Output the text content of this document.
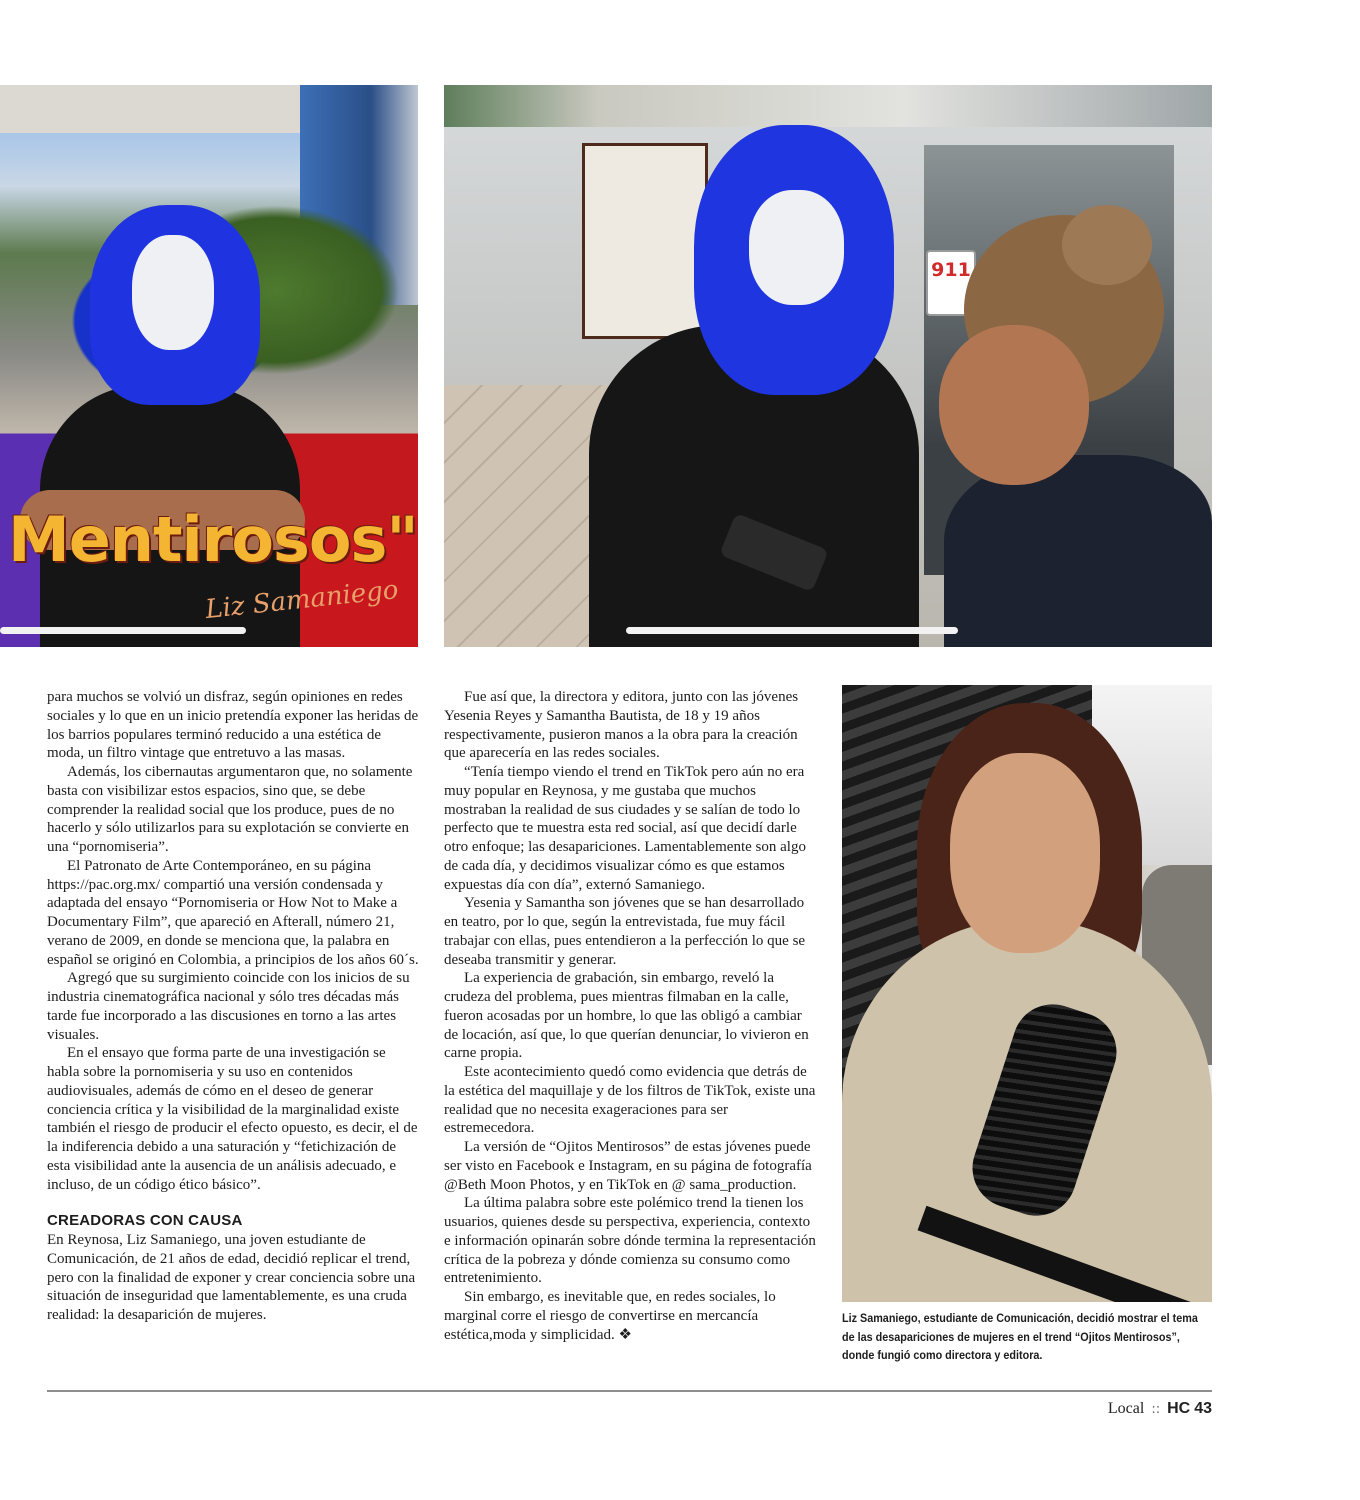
Mentirosos"
Liz Samaniego
911

para muchos se volvió un disfraz, según opiniones en redes sociales y lo que en un inicio pretendía exponer las heridas de los barrios populares terminó reducido a una estética de moda, un filtro vintage que entretuvo a las masas.

Además, los cibernautas argumentaron que, no solamente basta con visibilizar estos espacios, sino que, se debe comprender la realidad social que los produce, pues de no hacerlo y sólo utilizarlos para su explotación se convierte en una “pornomiseria”.

El Patronato de Arte Contemporáneo, en su página https://pac.org.mx/ compartió una versión condensada y adaptada del ensayo “Pornomiseria or How Not to Make a Documentary Film”, que apareció en Afterall, número 21, verano de 2009, en donde se menciona que, la palabra en español se originó en Colombia, a principios de los años 60´s.

Agregó que su surgimiento coincide con los inicios de su industria cinematográfica nacional y sólo tres décadas más tarde fue incorporado a las discusiones en torno a las artes visuales.

En el ensayo que forma parte de una investigación se habla sobre la pornomiseria y su uso en contenidos audiovisuales, además de cómo en el deseo de generar conciencia crítica y la visibilidad de la marginalidad existe también el riesgo de producir el efecto opuesto, es decir, el de la indiferencia debido a una saturación y “fetichización de esta visibilidad ante la ausencia de un análisis adecuado, e incluso, de un código ético básico”.

CREADORAS CON CAUSA

En Reynosa, Liz Samaniego, una joven estudiante de Comunicación, de 21 años de edad, decidió replicar el trend, pero con la finalidad de exponer y crear conciencia sobre una situación de inseguridad que lamentablemente, es una cruda realidad: la desaparición de mujeres.

Fue así que, la directora y editora, junto con las jóvenes Yesenia Reyes y Samantha Bautista, de 18 y 19 años respectivamente, pusieron manos a la obra para la creación que aparecería en las redes sociales.

“Tenía tiempo viendo el trend en TikTok pero aún no era muy popular en Reynosa, y me gustaba que muchos mostraban la realidad de sus ciudades y se salían de todo lo perfecto que te muestra esta red social, así que decidí darle otro enfoque; las desapariciones. Lamentablemente son algo de cada día, y decidimos visualizar cómo es que estamos expuestas día con día”, externó Samaniego.

Yesenia y Samantha son jóvenes que se han desarrollado en teatro, por lo que, según la entrevistada, fue muy fácil trabajar con ellas, pues entendieron a la perfección lo que se deseaba transmitir y generar.

La experiencia de grabación, sin embargo, reveló la crudeza del problema, pues mientras filmaban en la calle, fueron acosadas por un hombre, lo que las obligó a cambiar de locación, así que, lo que querían denunciar, lo vivieron en carne propia.

Este acontecimiento quedó como evidencia que detrás de la estética del maquillaje y de los filtros de TikTok, existe una realidad que no necesita exageraciones para ser estremecedora.

La versión de “Ojitos Mentirosos” de estas jóvenes puede ser visto en Facebook e Instagram, en su página de fotografía @Beth Moon Photos, y en TikTok en @ sama_production.

La última palabra sobre este polémico trend la tienen los usuarios, quienes desde su perspectiva, experiencia, contexto e información opinarán sobre dónde termina la representación crítica de la pobreza y dónde comienza su consumo como entretenimiento.

Sin embargo, es inevitable que, en redes sociales, lo marginal corre el riesgo de convertirse en mercancía estética,moda y simplicidad. ❖

Liz Samaniego, estudiante de Comunicación, decidió mostrar el tema de las desapariciones de mujeres en el trend “Ojitos Mentirosos”, donde fungió como directora y editora.
Local :: HC 43
